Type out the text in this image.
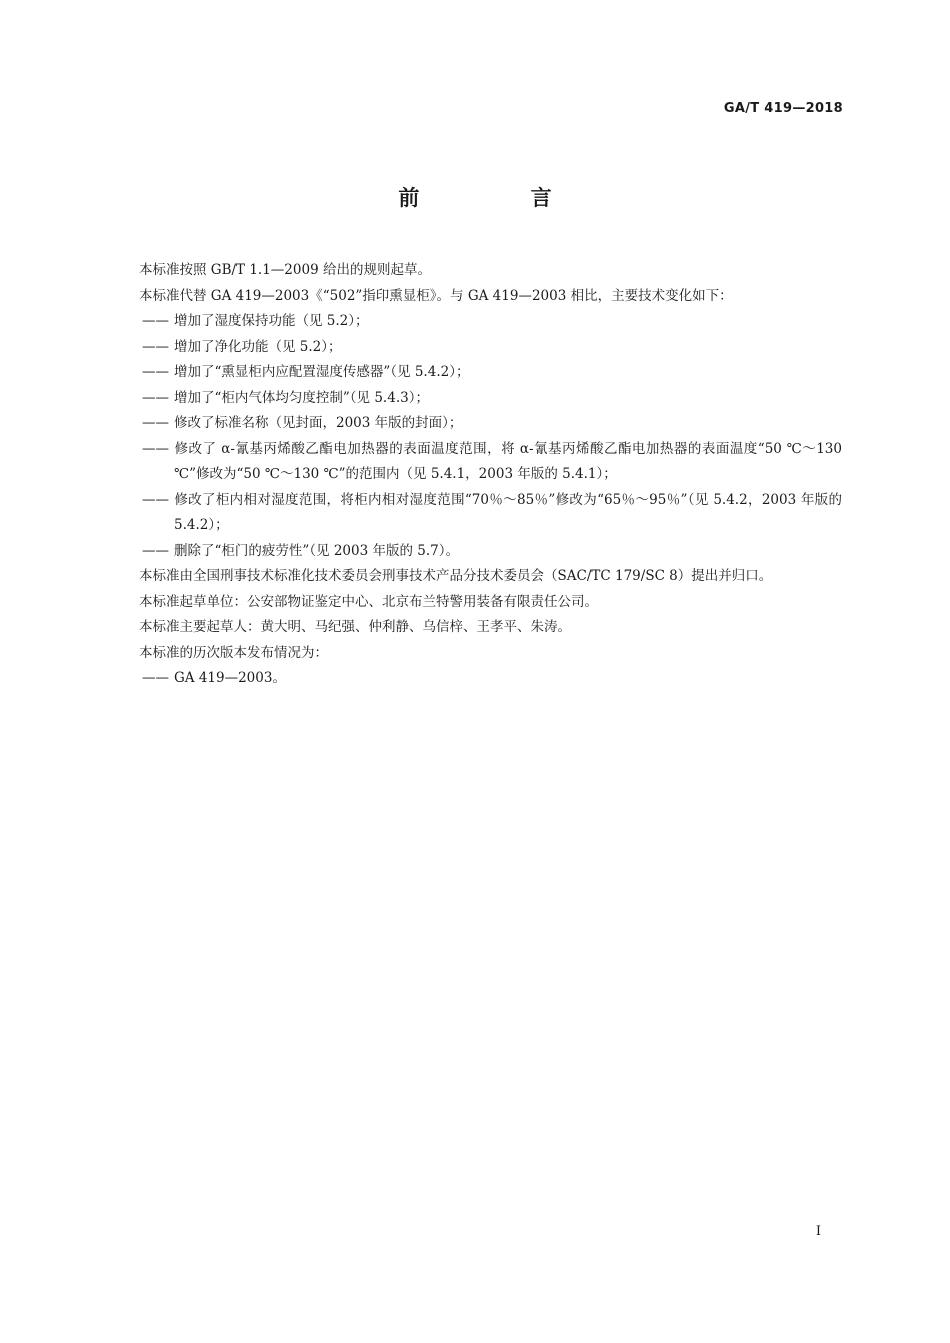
GA/T 419—2018
前 言

本标准按照 GB/T 1.1—2009 给出的规则起草。

本标准代替 GA 419—2003《“502”指印熏显柜》。与 GA 419—2003 相比，主要技术变化如下：

—— 增加了湿度保持功能（见 5.2）；

—— 增加了净化功能（见 5.2）；

—— 增加了“熏显柜内应配置湿度传感器”（见 5.4.2）；

—— 增加了“柜内气体均匀度控制”（见 5.4.3）；

—— 修改了标准名称（见封面，2003 年版的封面）；

—— 修改了 α-氰基丙烯酸乙酯电加热器的表面温度范围，将 α-氰基丙烯酸乙酯电加热器的表面温度“50 ℃～130 ℃”修改为“50 ℃～130 ℃”的范围内（见 5.4.1，2003 年版的 5.4.1）；

—— 修改了柜内相对湿度范围，将柜内相对湿度范围“70％～85％”修改为“65％～95％”（见 5.4.2，2003 年版的 5.4.2）；

—— 删除了“柜门的疲劳性”（见 2003 年版的 5.7）。

本标准由全国刑事技术标准化技术委员会刑事技术产品分技术委员会（SAC/TC 179/SC 8）提出并归口。

本标准起草单位：公安部物证鉴定中心、北京布兰特警用装备有限责任公司。

本标准主要起草人：黄大明、马纪强、仲利静、乌信梓、王孝平、朱涛。

本标准的历次版本发布情况为：

—— GA 419—2003。

I
